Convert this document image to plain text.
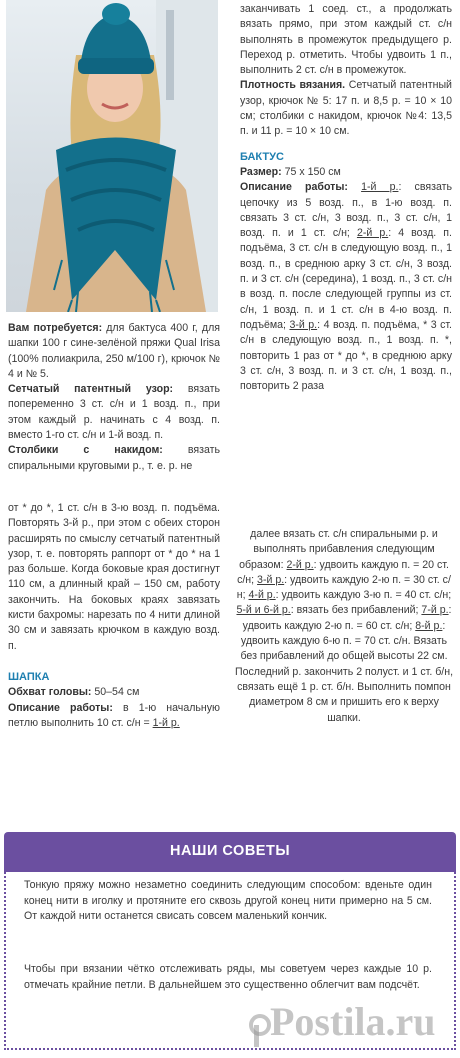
Вам потребуется: для бактуса 400 г, для шапки 100 г сине-зелёной пряжи Qual Irisa (100% полиакрила, 250 м/100 г), крючок № 4 и № 5.

Сетчатый патентный узор: вязать попеременно 3 ст. с/н и 1 возд. п., при этом каждый р. начинать с 4 возд. п. вместо 1-го ст. с/н и 1-й возд. п.

Столбики с накидом: вязать спиральными круговыми р., т. е. р. не

заканчивать 1 соед. ст., а продолжать вязать прямо, при этом каждый ст. с/н выполнять в промежуток предыдущего р. Переход р. отметить. Чтобы удвоить 1 п., выполнить 2 ст. с/н в промежуток.

Плотность вязания. Сетчатый патентный узор, крючок № 5: 17 п. и 8,5 р. = 10 × 10 см; столбики с накидом, крючок №4: 13,5 п. и 11 р. = 10 × 10 см.

БАКТУС

Размер: 75 х 150 см

Описание работы: 1-й р.: связать цепочку из 5 возд. п., в 1-ю возд. п. связать 3 ст. с/н, 3 возд. п., 3 ст. с/н, 1 возд. п. и 1 ст. с/н; 2-й р.: 4 возд. п. подъёма, 3 ст. с/н в следующую возд. п., 1 возд. п., в среднюю арку 3 ст. с/н, 3 возд. п. и 3 ст. с/н (середина), 1 возд. п., 3 ст. с/н в возд. п. после следующей группы из ст. с/н, 1 возд. п. и 1 ст. с/н в 4-ю возд. п. подъёма; 3-й р.: 4 возд. п. подъёма, * 3 ст. с/н в следующую возд. п., 1 возд. п. *, повторить 1 раз от * до *, в среднюю арку 3 ст. с/н, 3 возд. п. и 3 ст. с/н, 1 возд. п., повторить 2 раза

от * до *, 1 ст. с/н в 3-ю возд. п. подъёма. Повторять 3-й р., при этом с обеих сторон расширять по смыслу сетчатый патентный узор, т. е. повторять раппорт от * до * на 1 раз больше. Когда боковые края достигнут 110 см, а длинный край – 150 см, работу закончить. На боковых краях завязать кисти бахромы: нарезать по 4 нити длиной 30 см и завязать крючком в каждую возд. п.

ШАПКА

Обхват головы: 50–54 см

Описание работы: в 1-ю начальную петлю выполнить 10 ст. с/н = 1-й р.

далее вязать ст. с/н спиральными р. и выполнять прибавления следующим образом: 2-й р.: удвоить каждую п. = 20 ст. с/н; 3-й р.: удвоить каждую 2-ю п. = 30 ст. с/н; 4-й р.: удвоить каждую 3-ю п. = 40 ст. с/н; 5-й и 6-й р.: вязать без прибавлений; 7-й р.: удвоить каждую 2-ю п. = 60 ст. с/н; 8-й р.: удвоить каждую 6-ю п. = 70 ст. с/н. Вязать без прибавлений до общей высоты 22 см. Последний р. закончить 2 полуст. и 1 ст. б/н, связать ещё 1 р. ст. б/н. Выполнить помпон диаметром 8 см и пришить его к верху шапки.

НАШИ СОВЕТЫ

Тонкую пряжу можно незаметно соединить следующим способом: вденьте один конец нити в иголку и протяните его сквозь другой конец нити примерно на 5 см. От каждой нити останется свисать совсем маленький кончик.

Чтобы при вязании чётко отслеживать ряды, мы советуем через каждые 10 р. отмечать крайние петли. В дальнейшем это существенно облегчит вам подсчёт.

Postila.ru
